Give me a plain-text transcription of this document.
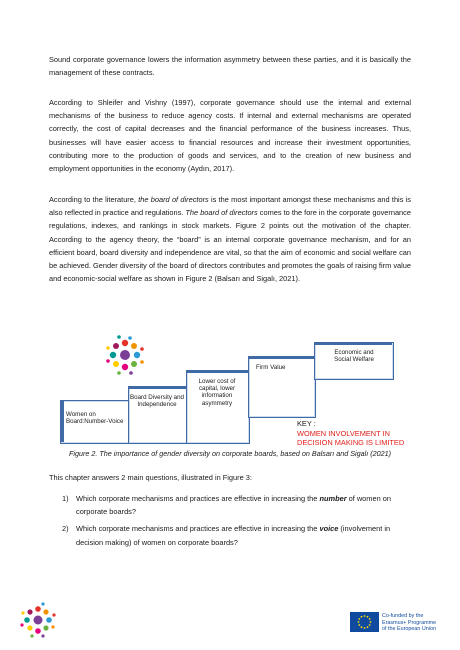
Sound corporate governance lowers the information asymmetry between these parties, and it is basically the management of these contracts.

According to Shleifer and Vishny (1997), corporate governance should use the internal and external mechanisms of the business to reduce agency costs. If internal and external mechanisms are operated correctly, the cost of capital decreases and the financial performance of the business increases. Thus, businesses will have easier access to financial resources and increase their investment opportunities, contributing more to the production of goods and services, and to the creation of new business and employment opportunities in the economy (Aydın, 2017).

According to the literature, the board of directors is the most important amongst these mechanisms and this is also reflected in practice and regulations. The board of directors comes to the fore in the corporate governance regulations, indexes, and rankings in stock markets. Figure 2 points out the motivation of the chapter. According to the agency theory, the “board” is an internal corporate governance mechanism, and for an efficient board, board diversity and independence are vital, so that the aim of economic and social welfare can be achieved. Gender diversity of the board of directors contributes and promotes the goals of raising firm value and economic-social welfare as shown in Figure 2 (Balsarı and Sigalı, 2021).

Women on Board:Number-Voice
Board Diversity and Independence
Lower cost of capital, lower information asymmetry
Firm Value
Economic and Social Welfare
KEY :
WOMEN INVOLVEMENT IN DECISION MAKING IS LIMITED
Figure 2. The importance of gender diversity on corporate boards, based on Balsarı and Sigalı (2021)

This chapter answers 2 main questions, illustrated in Figure 3:

1) Which corporate mechanisms and practices are effective in increasing the number of women on corporate boards?
2) Which corporate mechanisms and practices are effective in increasing the voice (involvement in decision making) of women on corporate boards?
Co-funded by the
Erasmus+ Programme
of the European Union
